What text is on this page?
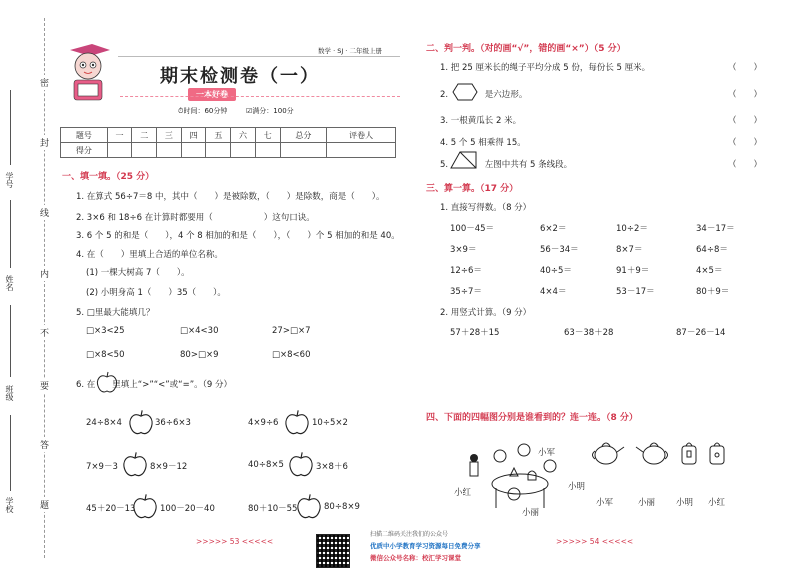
密
封
线
内
不
要
答
题
学号
姓名
班级
学校
数学 · SJ · 二年级上册
期末检测卷（一）
一本好卷
⏱时间：60分钟	☑满分：100分
题号	一	二	三	四	五	六	七	总分	评卷人
得分									
一、填一填。（25 分）
1. 在算式 56÷7＝8 中，其中（　　）是被除数，（　　）是除数，商是（　　）。
2. 3×6 和 18÷6 在计算时都要用（　　　　　　）这句口诀。
3. 6 个 5 的和是（　　），4 个 8 相加的和是（　　），（　　）个 5 相加的和是 40。
4. 在（　　）里填上合适的单位名称。
(1) 一棵大树高 7（　　）。
(2) 小明身高 1（　　）35（　　）。
5. □里最大能填几？
□×3<25	□×4<30	27>□×7
□×8<50	80>□×9	□×8<60
6. 在　　里填上“>”“<”或“=”。（9 分）
24÷8×4	36÷6×3	4×9÷6	10÷5×2
7×9－3	8×9－12	40÷8×5	3×8＋6
45＋20－13	100－20－40	80＋10－55	80÷8×9
二、判一判。（对的画“√”，错的画“×”）（5 分）
1. 把 25 厘米长的绳子平均分成 5 份，每份长 5 厘米。	（　　）
2. 　　　　是六边形。	（　　）
3. 一根黄瓜长 2 米。	（　　）
4. 5 个 5 相乘得 15。	（　　）
5. 　　　　左图中共有 5 条线段。	（　　）
三、算一算。（17 分）
1. 直接写得数。（8 分）
100－45＝	6×2＝	10÷2＝	34－17＝
3×9＝	56－34＝	8×7＝	64÷8＝
12÷6＝	40÷5＝	91＋9＝	4×5＝
35÷7＝	4×4＝	53－17＝	80＋9＝
2. 用竖式计算。（9 分）
57＋28＋15	63－38＋28	87－26－14
四、下面的四幅图分别是谁看到的？连一连。（8 分）
小军
小明
小丽
小红
小军	小丽 小明 小红
>>>>> 53 <<<<<	>>>>> 54 <<<<<
扫描二维码关注我们的公众号
优质中小学教育学习资源每日免费分享
微信公众号名称：校汇学习课堂
